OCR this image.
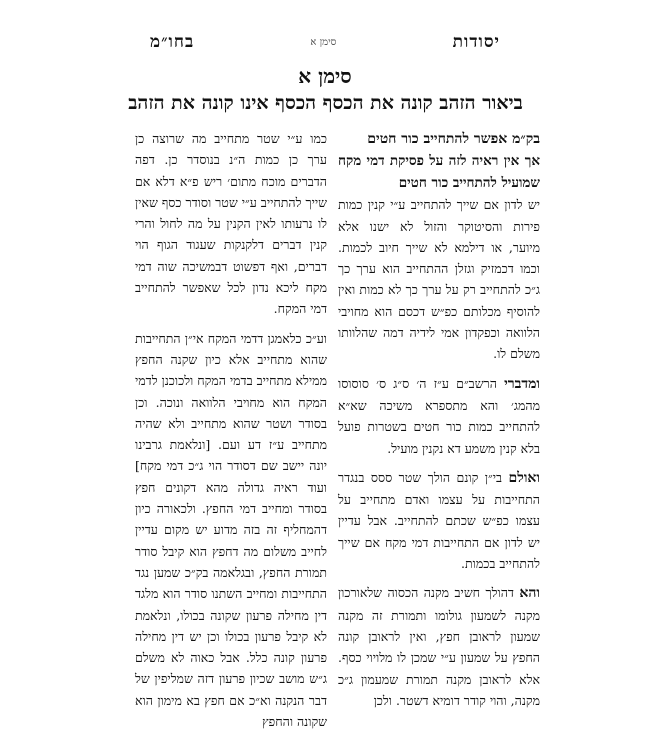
יסודות
סימן א
בחו״מ
סימן א
ביאור הזהב קונה את הכסף הכסף אינו קונה את הזהב

בק״מ אפשר להתחייב כור חטים
אך אין ראיה לזה על פסיקת דמי מקח שמועיל להתחייב כור חטים
יש לדון אם שייך להתחייב ע״י קנין כמות פירות והסיטוקר והזול לא ישנו אלא מיוער, או דילמא לא שייך חיוב לכמות. וכמו דכמזיק וגזלן ההתחייב הוא ערך כך ג״כ להתחייב רק על ערך כך לא כמות ואין להוסיף מכלותם כפ״ש דכסם הוא מחויבי הלוואה וכפקדון אמי לידיה דמה שהלוותו משלם לו.

ומדברי הרשב״ם ע״ז ה׳ ס״ג ס׳ סוסוסו מהמג׳ והא מתספרא משיכה שא״א להתחייב כמות כור חטים בשטרות פועל בלא קנין משמע דא נקנין מועיל.

ואולם בי״ן קונם הולך שטר ססס בנגדר התחייבות על עצמו ואדם מתחייב על עצמו כפ״ש שכתם להתחייב. אבל עדיין יש לדון אם התחייבות דמי מקח אם שייך להתחייב בכמות.

והא דהולך חשיב מקנה הכסוה שלאורכון מקנה לשמעון גולומו ותמורת זה מקנה שמעון לראובן חפץ, ואין לראובן קונה החפץ על שמעון ע״י שמכן לו מלויוי כסף. אלא לראובן מקנה תמורת שמעמון ג״כ מקנה, והוי קודר דומיא דשטר. ולכן

כמו ע״י שטר מתחייב מה שרוצה כן ערך כן כמות ה״נ בנוסדר כן. דפה הדברים מוכח מתום׳ ריש פ״א דלא אם שייך להתחייב ע״י שטר וסודר כסף שאין לו נרעותו לאין הקנין על מה לחול והרי קנין דברים דלקנקות שעגוד הגוף הוי דברים, ואף דפשוט דבמשיכה שוה דמי מקח ליכא נדון לכל שאפשר להתחייב דמי המקח.

וע״כ כלאמגן דדמי המקח אי״ן התחייבות שהוא מתחייב אלא כיון שקנה החפץ ממילא מתחייב בדמי המקח ולכוכנן לדמי המקח הוא מחויבי הלוואה ונוכה. וכן בסודר ושטר שהוא מתחייב ולא שהיה מתחייב ע״ז דע ועם. [ונלאמת גרבינו יונה יישב שם דסודר הוי ג״כ דמי מקח] ועוד ראיה גדולה מהא דקונים חפץ בסודר ומחייב דמי החפץ. ולכאורה כיון דהמחליף זה בזה מדוע יש מקום עדיין לחייב משלום מה דחפץ הוא קיבל סודר תמורת החפץ, ובגלאמה בק״כ שמען נגד התחייבות ומחייב השתנו סודר הוא מלגד דין מחילה פרעון שקונה בכולו, ונלאמת לא קיבל פרעון בכולו וכן יש דין מחילה פרעון קונה כלל. אבל כאוה לא משלם ג״ש מושב שכיון פרעון דזה שמליפין של דבר הנקנה וא״כ אם חפץ בא מימון הוא שקונה והחפץ
